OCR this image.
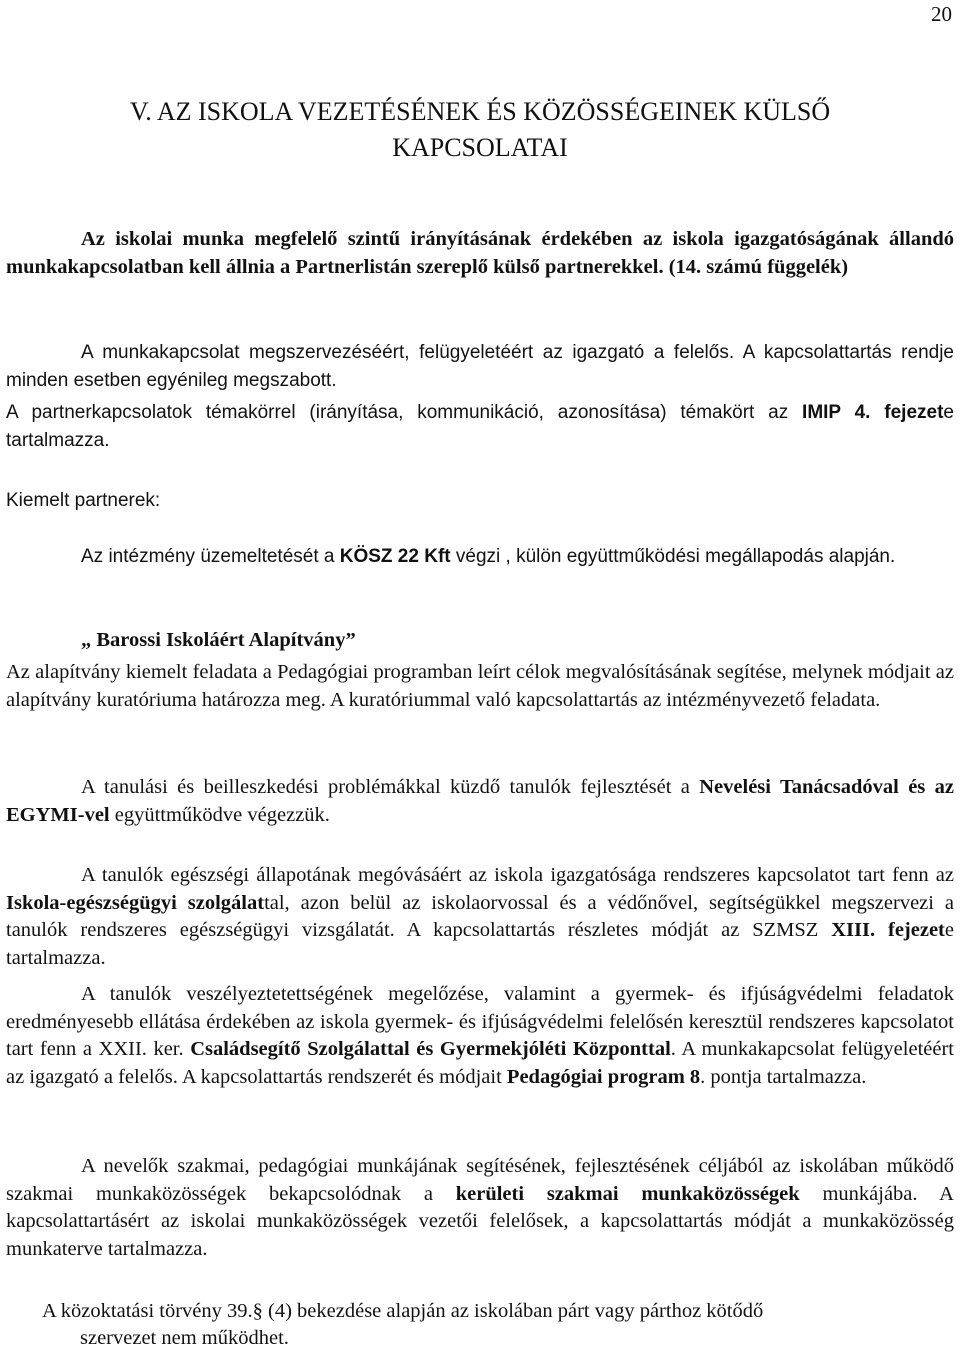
20
V. AZ ISKOLA VEZETÉSÉNEK ÉS KÖZÖSSÉGEINEK KÜLSŐ
KAPCSOLATAI

Az iskolai munka megfelelő szintű irányításának érdekében az iskola igazgatóságának állandó munkakapcsolatban kell állnia a Partnerlistán szereplő külső partnerekkel. (14. számú függelék)

A munkakapcsolat megszervezéséért, felügyeletéért az igazgató a felelős. A kapcsolattartás rendje minden esetben egyénileg megszabott.

A partnerkapcsolatok témakörrel (irányítása, kommunikáció, azonosítása) témakört az IMIP 4. fejezete tartalmazza.

Kiemelt partnerek:

Az intézmény üzemeltetését a KÖSZ 22 Kft végzi , külön együttműködési megállapodás alapján.

„ Barossi Iskoláért Alapítvány”

Az alapítvány kiemelt feladata a Pedagógiai programban leírt célok megvalósításának segítése, melynek módjait az alapítvány kuratóriuma határozza meg. A kuratóriummal való kapcsolattartás az intézményvezető feladata.

A tanulási és beilleszkedési problémákkal küzdő tanulók fejlesztését a Nevelési Tanácsadóval és az EGYMI-vel együttműködve végezzük.

A tanulók egészségi állapotának megóvásáért az iskola igazgatósága rendszeres kapcsolatot tart fenn az Iskola-egészségügyi szolgálattal, azon belül az iskolaorvossal és a védőnővel, segítségükkel megszervezi a tanulók rendszeres egészségügyi vizsgálatát. A kapcsolattartás részletes módját az SZMSZ XIII. fejezete tartalmazza.

A tanulók veszélyeztetettségének megelőzése, valamint a gyermek- és ifjúságvédelmi feladatok eredményesebb ellátása érdekében az iskola gyermek- és ifjúságvédelmi felelősén keresztül rendszeres kapcsolatot tart fenn a XXII. ker. Családsegítő Szolgálattal és Gyermekjóléti Központtal. A munkakapcsolat felügyeletéért az igazgató a felelős. A kapcsolattartás rendszerét és módjait Pedagógiai program 8. pontja tartalmazza.

A nevelők szakmai, pedagógiai munkájának segítésének, fejlesztésének céljából az iskolában működő szakmai munkaközösségek bekapcsolódnak a kerületi szakmai munkaközösségek munkájába. A kapcsolattartásért az iskolai munkaközösségek vezetői felelősek, a kapcsolattartás módját a munkaközösség munkaterve tartalmazza.

A közoktatási törvény 39.§ (4) bekezdése alapján az iskolában párt vagy párthoz kötődő
szervezet nem működhet.
